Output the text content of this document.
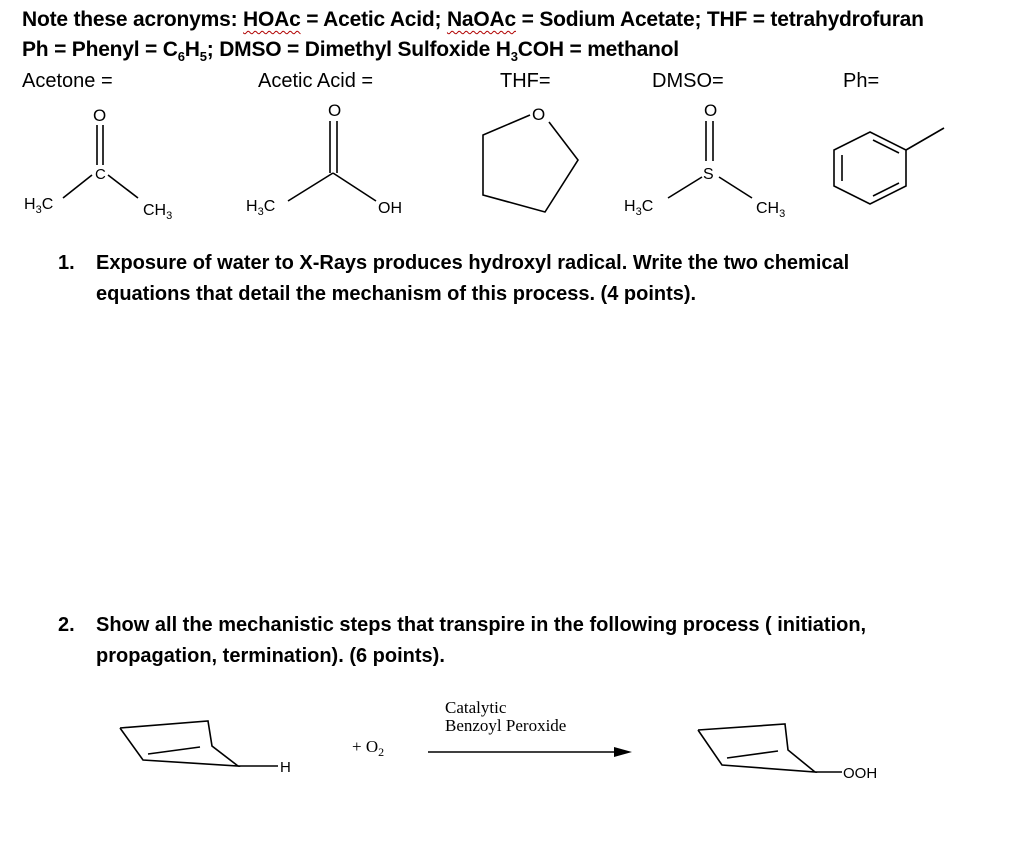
Note these acronyms: HOAc = Acetic Acid; NaOAc = Sodium Acetate; THF = tetrahydrofuran
Ph = Phenyl = $C_6H_5$; DMSO = Dimethyl Sulfoxide $H_3COH$ = methanol
Acetone =	Acetic Acid =	THF=	DMSO=	Ph=
O
C
$H_3C$	$CH_3$
O
$H_3C$	OH
O	O
S
$H_3C$	$CH_3$
1. Exposure of water to X-Rays produces hydroxyl radical. Write the two chemical
equations that detail the mechanism of this process. (4 points).
2. Show all the mechanistic steps that transpire in the following process ( initiation,
propagation, termination). (6 points).
H
+ $O_2$
Catalytic
Benzoyl Peroxide
OOH
